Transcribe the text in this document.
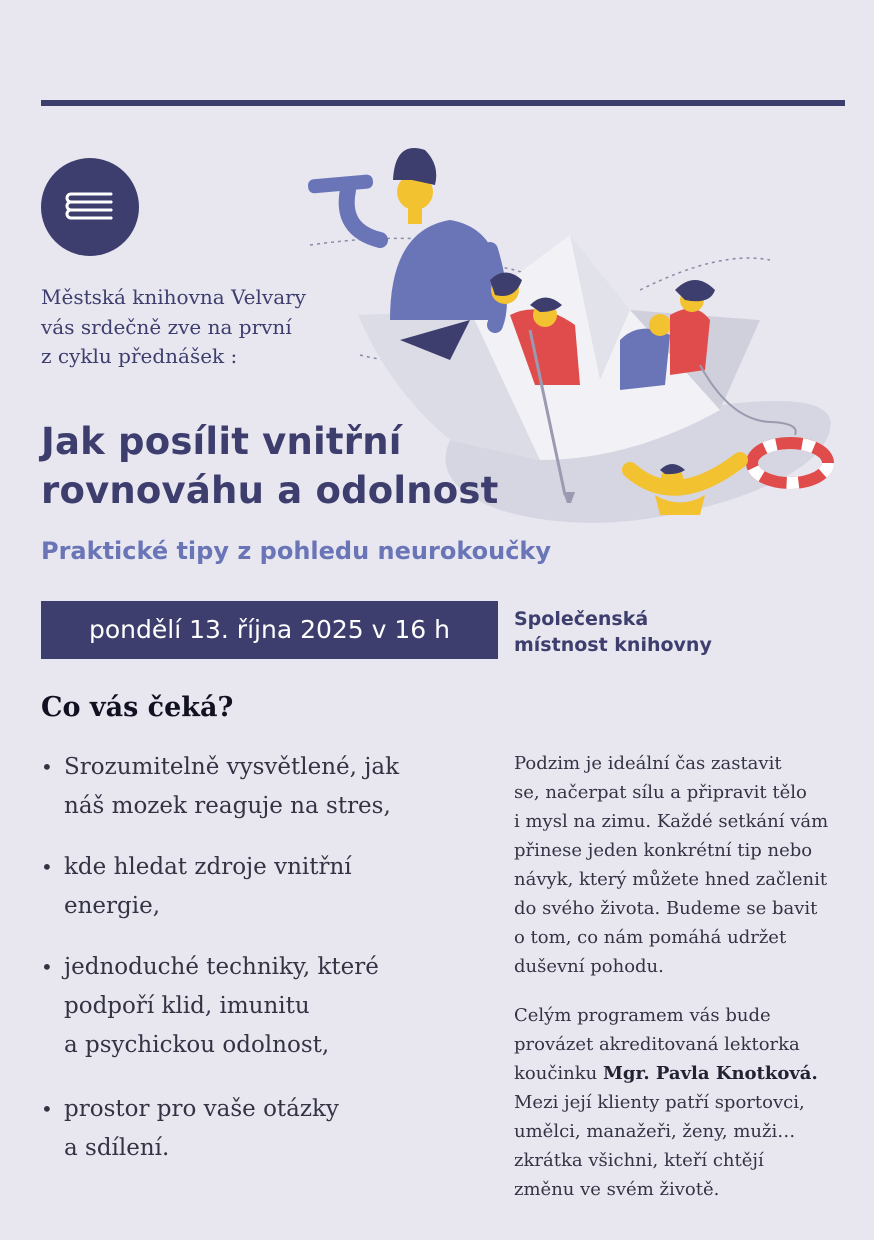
Městská knihovna Velvary
vás srdečně zve na první
z cyklu přednášek :
Jak posílit vnitřní
rovnováhu a odolnost
Praktické tipy z pohledu neurokoučky
pondělí 13. října 2025 v 16 h	Společenská
místnost knihovny
Co vás čeká?
• Srozumitelně vysvětlené, jak
náš mozek reaguje na stres,
• kde hledat zdroje vnitřní
energie,
• jednoduché techniky, které
podpoří klid, imunitu
a psychickou odolnost,
• prostor pro vaše otázky
a sdílení.
Podzim je ideální čas zastavit
se, načerpat sílu a připravit tělo
i mysl na zimu. Každé setkání vám
přinese jeden konkrétní tip nebo
návyk, který můžete hned začlenit
do svého života. Budeme se bavit
o tom, co nám pomáhá udržet
duševní pohodu.
Celým programem vás bude
provázet akreditovaná lektorka
koučinku Mgr. Pavla Knotková.
Mezi její klienty patří sportovci,
umělci, manažeři, ženy, muži…
zkrátka všichni, kteří chtějí
změnu ve svém životě.
